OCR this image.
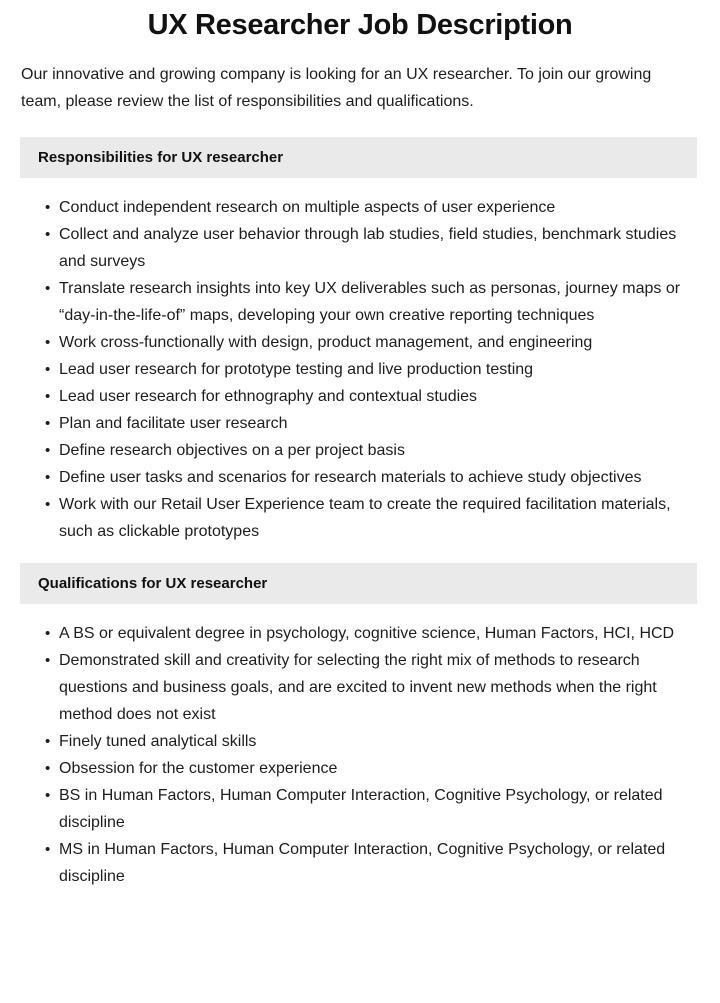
UX Researcher Job Description

Our innovative and growing company is looking for an UX researcher. To join our growing team, please review the list of responsibilities and qualifications.

Responsibilities for UX researcher
• Conduct independent research on multiple aspects of user experience
• Collect and analyze user behavior through lab studies, field studies, benchmark studies and surveys
• Translate research insights into key UX deliverables such as personas, journey maps or “day-in-the-life-of” maps, developing your own creative reporting techniques
• Work cross-functionally with design, product management, and engineering
• Lead user research for prototype testing and live production testing
• Lead user research for ethnography and contextual studies
• Plan and facilitate user research
• Define research objectives on a per project basis
• Define user tasks and scenarios for research materials to achieve study objectives
• Work with our Retail User Experience team to create the required facilitation materials, such as clickable prototypes
Qualifications for UX researcher
• A BS or equivalent degree in psychology, cognitive science, Human Factors, HCI, HCD
• Demonstrated skill and creativity for selecting the right mix of methods to research questions and business goals, and are excited to invent new methods when the right method does not exist
• Finely tuned analytical skills
• Obsession for the customer experience
• BS in Human Factors, Human Computer Interaction, Cognitive Psychology, or related discipline
• MS in Human Factors, Human Computer Interaction, Cognitive Psychology, or related discipline
